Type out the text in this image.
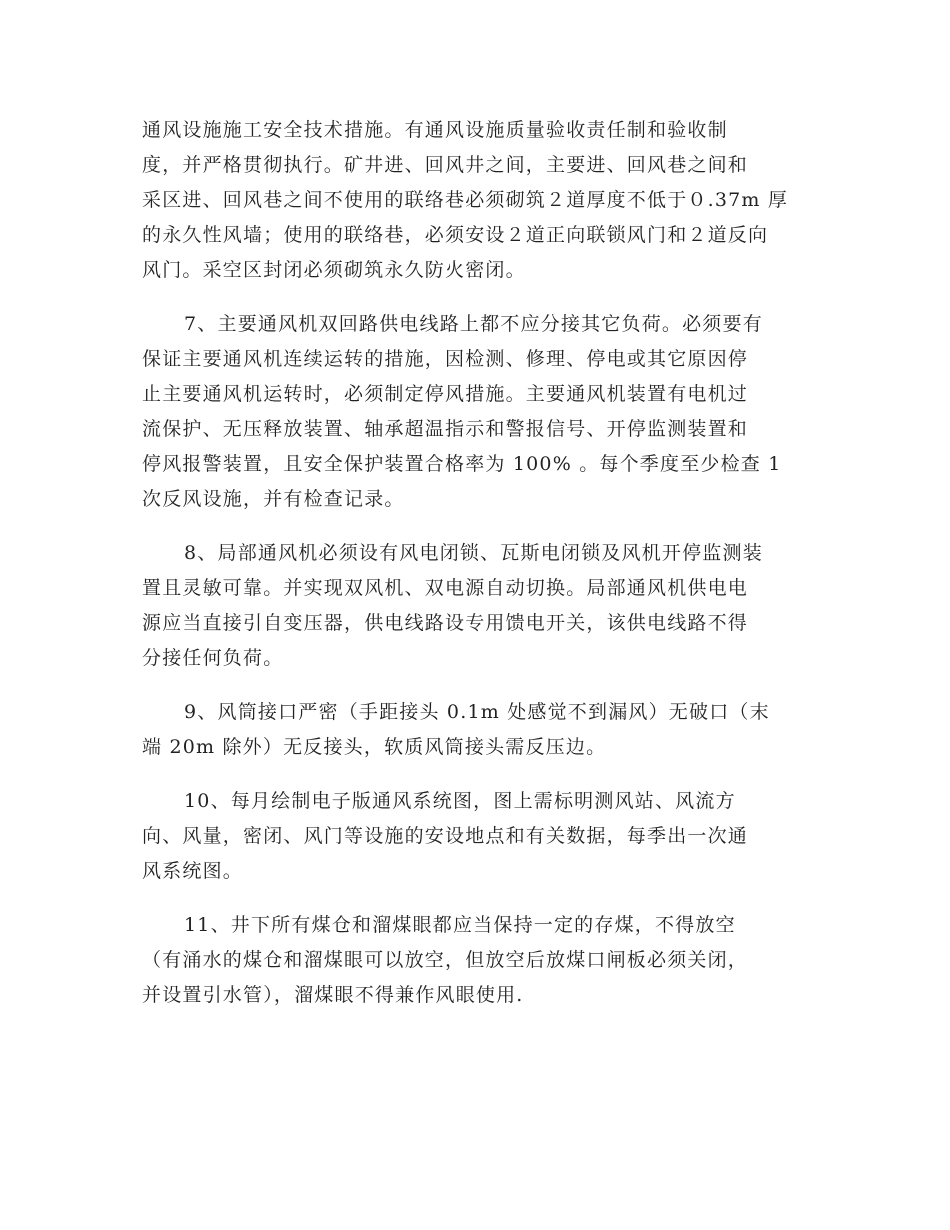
通风设施施工安全技术措施。有通风设施质量验收责任制和验收制
度，并严格贯彻执行。矿井进、回风井之间，主要进、回风巷之间和
采区进、回风巷之间不使用的联络巷必须砌筑２道厚度不低于０.37m 厚
的永久性风墙；使用的联络巷，必须安设２道正向联锁风门和２道反向
风门。采空区封闭必须砌筑永久防火密闭。
7、主要通风机双回路供电线路上都不应分接其它负荷。必须要有
保证主要通风机连续运转的措施，因检测、修理、停电或其它原因停
止主要通风机运转时，必须制定停风措施。主要通风机装置有电机过
流保护、无压释放装置、轴承超温指示和警报信号、开停监测装置和
停风报警装置，且安全保护装置合格率为 100% 。每个季度至少检查 1
次反风设施，并有检查记录。
8、局部通风机必须设有风电闭锁、瓦斯电闭锁及风机开停监测装
置且灵敏可靠。并实现双风机、双电源自动切换。局部通风机供电电
源应当直接引自变压器，供电线路设专用馈电开关，该供电线路不得
分接任何负荷。
9、风筒接口严密（手距接头 0.1m 处感觉不到漏风）无破口（末
端 20m 除外）无反接头，软质风筒接头需反压边。
10、每月绘制电子版通风系统图，图上需标明测风站、风流方
向、风量，密闭、风门等设施的安设地点和有关数据，每季出一次通
风系统图。
11、井下所有煤仓和溜煤眼都应当保持一定的存煤，不得放空
（有涌水的煤仓和溜煤眼可以放空，但放空后放煤口闸板必须关闭，
并设置引水管），溜煤眼不得兼作风眼使用.
